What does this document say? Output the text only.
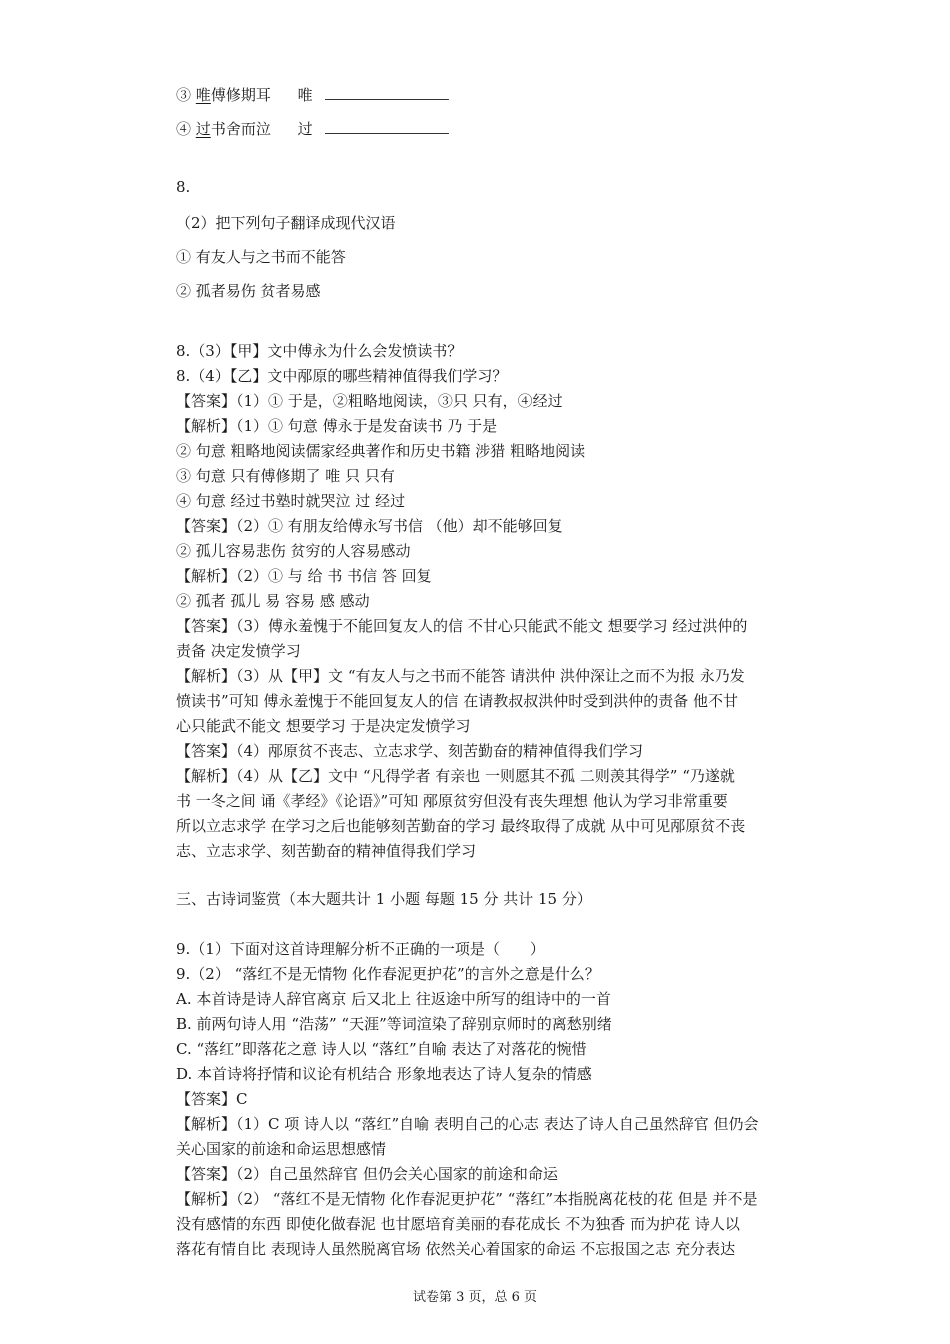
③ 唯傅修期耳 唯
④ 过书舍而泣 过
8.
（2）把下列句子翻译成现代汉语
① 有友人与之书而不能答
② 孤者易伤 贫者易感
8.（3）【甲】文中傅永为什么会发愤读书？
8.（4）【乙】文中邴原的哪些精神值得我们学习？
【答案】（1）① 于是，②粗略地阅读，③只 只有，④经过
【解析】（1）① 句意 傅永于是发奋读书 乃 于是
② 句意 粗略地阅读儒家经典著作和历史书籍 涉猎 粗略地阅读
③ 句意 只有傅修期了 唯 只 只有
④ 句意 经过书塾时就哭泣 过 经过
【答案】（2）① 有朋友给傅永写书信 （他）却不能够回复
② 孤儿容易悲伤 贫穷的人容易感动
【解析】（2）① 与 给 书 书信 答 回复
② 孤者 孤儿 易 容易 感 感动
【答案】（3）傅永羞愧于不能回复友人的信 不甘心只能武不能文 想要学习 经过洪仲的
责备 决定发愤学习
【解析】（3）从【甲】文 “有友人与之书而不能答 请洪仲 洪仲深让之而不为报 永乃发
愤读书”可知 傅永羞愧于不能回复友人的信 在请教叔叔洪仲时受到洪仲的责备 他不甘
心只能武不能文 想要学习 于是决定发愤学习
【答案】（4）邴原贫不丧志、立志求学、刻苦勤奋的精神值得我们学习
【解析】（4）从【乙】文中 “凡得学者 有亲也 一则愿其不孤 二则羡其得学” “乃遂就
书 一冬之间 诵《孝经》《论语》”可知 邴原贫穷但没有丧失理想 他认为学习非常重要
所以立志求学 在学习之后也能够刻苦勤奋的学习 最终取得了成就 从中可见邴原贫不丧
志、立志求学、刻苦勤奋的精神值得我们学习
三、古诗词鉴赏（本大题共计 1 小题 每题 15 分 共计 15 分）
9.（1）下面对这首诗理解分析不正确的一项是（　　）
9.（2） “落红不是无情物 化作春泥更护花”的言外之意是什么？
A. 本首诗是诗人辞官离京 后又北上 往返途中所写的组诗中的一首
B. 前两句诗人用 “浩荡” “天涯”等词渲染了辞别京师时的离愁别绪
C. “落红”即落花之意 诗人以 “落红”自喻 表达了对落花的惋惜
D. 本首诗将抒情和议论有机结合 形象地表达了诗人复杂的情感
【答案】C
【解析】（1）C 项 诗人以 “落红”自喻 表明自己的心志 表达了诗人自己虽然辞官 但仍会
关心国家的前途和命运思想感情
【答案】（2）自己虽然辞官 但仍会关心国家的前途和命运
【解析】（2） “落红不是无情物 化作春泥更护花” “落红”本指脱离花枝的花 但是 并不是
没有感情的东西 即使化做春泥 也甘愿培育美丽的春花成长 不为独香 而为护花 诗人以
落花有情自比 表现诗人虽然脱离官场 依然关心着国家的命运 不忘报国之志 充分表达
试卷第 3 页，总 6 页
